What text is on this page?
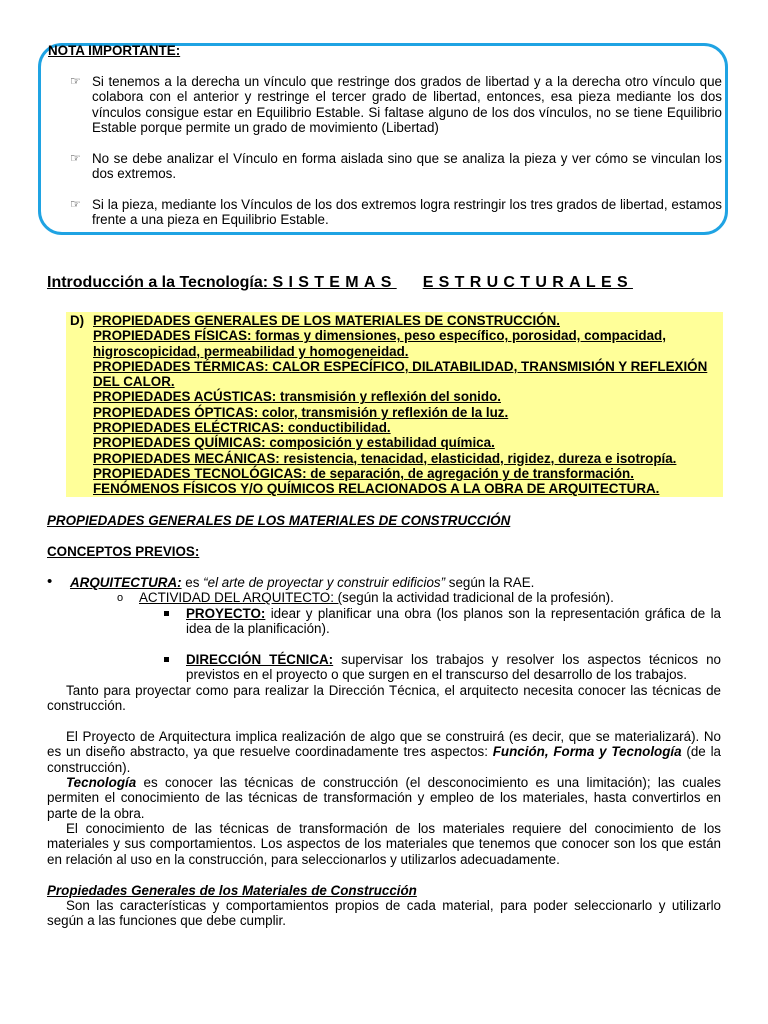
NOTA IMPORTANTE:
☞ Si tenemos a la derecha un vínculo que restringe dos grados de libertad y a la derecha otro vínculo que colabora con el anterior y restringe el tercer grado de libertad, entonces, esa pieza mediante los dos vínculos consigue estar en Equilibrio Estable. Si faltase alguno de los dos vínculos, no se tiene Equilibrio Estable porque permite un grado de movimiento (Libertad)
☞ No se debe analizar el Vínculo en forma aislada sino que se analiza la pieza y ver cómo se vinculan los dos extremos.
☞ Si la pieza, mediante los Vínculos de los dos extremos logra restringir los tres grados de libertad, estamos frente a una pieza en Equilibrio Estable.
Introducción a la Tecnología: SISTEMAS ESTRUCTURALES
D) PROPIEDADES GENERALES DE LOS MATERIALES DE CONSTRUCCIÓN.
PROPIEDADES FÍSICAS: formas y dimensiones, peso específico, porosidad, compacidad, higroscopicidad, permeabilidad y homogeneidad.
PROPIEDADES TÉRMICAS: CALOR ESPECÍFICO, DILATABILIDAD, TRANSMISIÓN Y REFLEXIÓN DEL CALOR.
PROPIEDADES ACÚSTICAS: transmisión y reflexión del sonido.
PROPIEDADES ÓPTICAS: color, transmisión y reflexión de la luz.
PROPIEDADES ELÉCTRICAS: conductibilidad.
PROPIEDADES QUÍMICAS: composición y estabilidad química.
PROPIEDADES MECÁNICAS: resistencia, tenacidad, elasticidad, rigidez, dureza e isotropía.
PROPIEDADES TECNOLÓGICAS: de separación, de agregación y de transformación.
FENÓMENOS FÍSICOS Y/O QUÍMICOS RELACIONADOS A LA OBRA DE ARQUITECTURA.
PROPIEDADES GENERALES DE LOS MATERIALES DE CONSTRUCCIÓN
CONCEPTOS PREVIOS:
• ARQUITECTURA: es “el arte de proyectar y construir edificios” según la RAE.
o ACTIVIDAD DEL ARQUITECTO: (según la actividad tradicional de la profesión).
PROYECTO: idear y planificar una obra (los planos son la representación gráfica de la idea de la planificación).
DIRECCIÓN TÉCNICA: supervisar los trabajos y resolver los aspectos técnicos no previstos en el proyecto o que surgen en el transcurso del desarrollo de los trabajos.
Tanto para proyectar como para realizar la Dirección Técnica, el arquitecto necesita conocer las técnicas de construcción.
El Proyecto de Arquitectura implica realización de algo que se construirá (es decir, que se materializará). No es un diseño abstracto, ya que resuelve coordinadamente tres aspectos: Función, Forma y Tecnología (de la construcción).
Tecnología es conocer las técnicas de construcción (el desconocimiento es una limitación); las cuales permiten el conocimiento de las técnicas de transformación y empleo de los materiales, hasta convertirlos en parte de la obra.
El conocimiento de las técnicas de transformación de los materiales requiere del conocimiento de los materiales y sus comportamientos. Los aspectos de los materiales que tenemos que conocer son los que están en relación al uso en la construcción, para seleccionarlos y utilizarlos adecuadamente.
Propiedades Generales de los Materiales de Construcción
Son las características y comportamientos propios de cada material, para poder seleccionarlo y utilizarlo según a las funciones que debe cumplir.
